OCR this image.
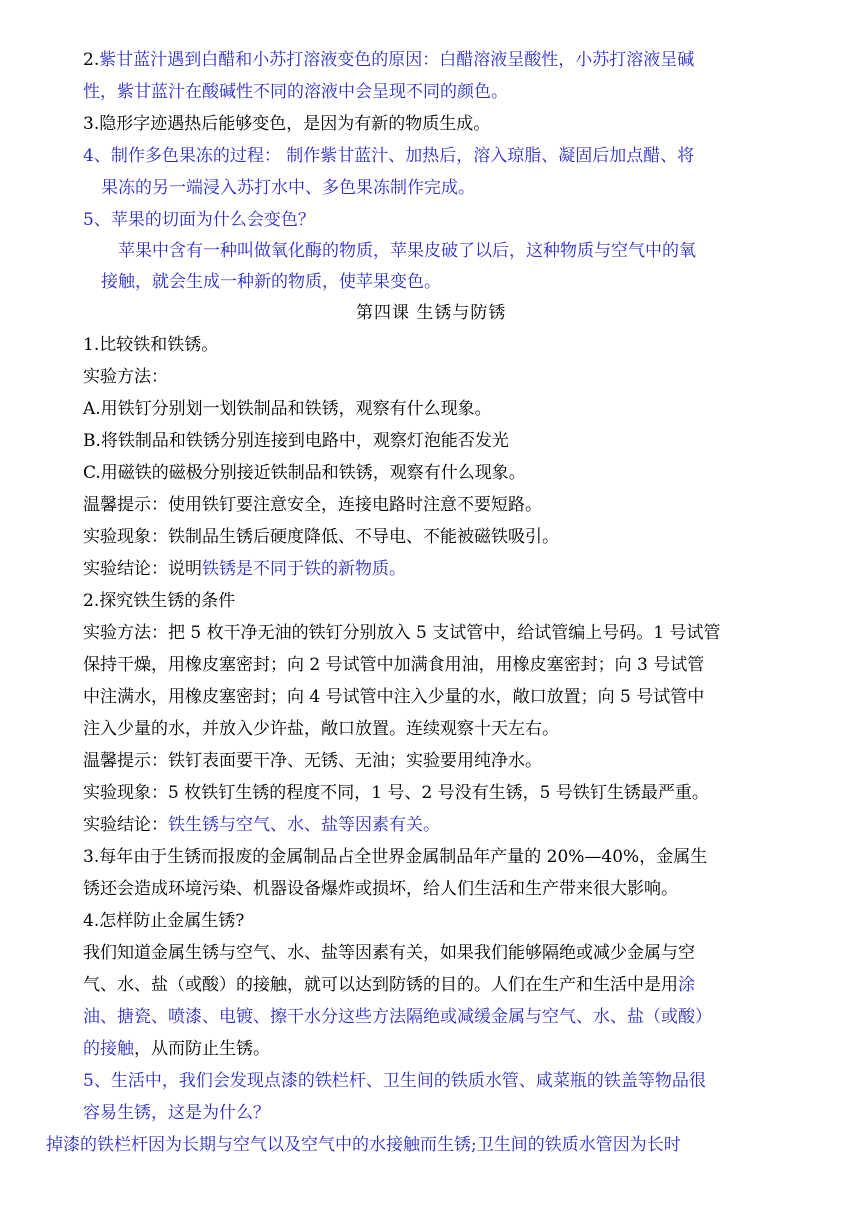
2.紫甘蓝汁遇到白醋和小苏打溶液变色的原因：白醋溶液呈酸性，小苏打溶液呈碱
性，紫甘蓝汁在酸碱性不同的溶液中会呈现不同的颜色。
3.隐形字迹遇热后能够变色，是因为有新的物质生成。
4、制作多色果冻的过程： 制作紫甘蓝汁、加热后，溶入琼脂、凝固后加点醋、将
果冻的另一端浸入苏打水中、多色果冻制作完成。
5、苹果的切面为什么会变色？
苹果中含有一种叫做氧化酶的物质，苹果皮破了以后，这种物质与空气中的氧
接触，就会生成一种新的物质，使苹果变色。
第四课 生锈与防锈
1.比较铁和铁锈。
实验方法：
A.用铁钉分别划一划铁制品和铁锈，观察有什么现象。
B.将铁制品和铁锈分别连接到电路中，观察灯泡能否发光
C.用磁铁的磁极分别接近铁制品和铁锈，观察有什么现象。
温馨提示：使用铁钉要注意安全，连接电路时注意不要短路。
实验现象：铁制品生锈后硬度降低、不导电、不能被磁铁吸引。
实验结论：说明铁锈是不同于铁的新物质。
2.探究铁生锈的条件
实验方法：把 5 枚干净无油的铁钉分别放入 5 支试管中，给试管编上号码。1 号试管
保持干燥，用橡皮塞密封；向 2 号试管中加满食用油，用橡皮塞密封；向 3 号试管
中注满水，用橡皮塞密封；向 4 号试管中注入少量的水，敞口放置；向 5 号试管中
注入少量的水，并放入少许盐，敞口放置。连续观察十天左右。
温馨提示：铁钉表面要干净、无锈、无油；实验要用纯净水。
实验现象：5 枚铁钉生锈的程度不同，1 号、2 号没有生锈，5 号铁钉生锈最严重。
实验结论：铁生锈与空气、水、盐等因素有关。
3.每年由于生锈而报废的金属制品占全世界金属制品年产量的 20%—40%，金属生
锈还会造成环境污染、机器设备爆炸或损坏，给人们生活和生产带来很大影响。
4.怎样防止金属生锈?
我们知道金属生锈与空气、水、盐等因素有关，如果我们能够隔绝或减少金属与空
气、水、盐（或酸）的接触，就可以达到防锈的目的。人们在生产和生活中是用涂
油、搪瓷、喷漆、电镀、擦干水分这些方法隔绝或减缓金属与空气、水、盐（或酸）
的接触，从而防止生锈。
5、生活中，我们会发现点漆的铁栏杆、卫生间的铁质水管、咸菜瓶的铁盖等物品很
容易生锈，这是为什么？
掉漆的铁栏杆因为长期与空气以及空气中的水接触而生锈;卫生间的铁质水管因为长时
